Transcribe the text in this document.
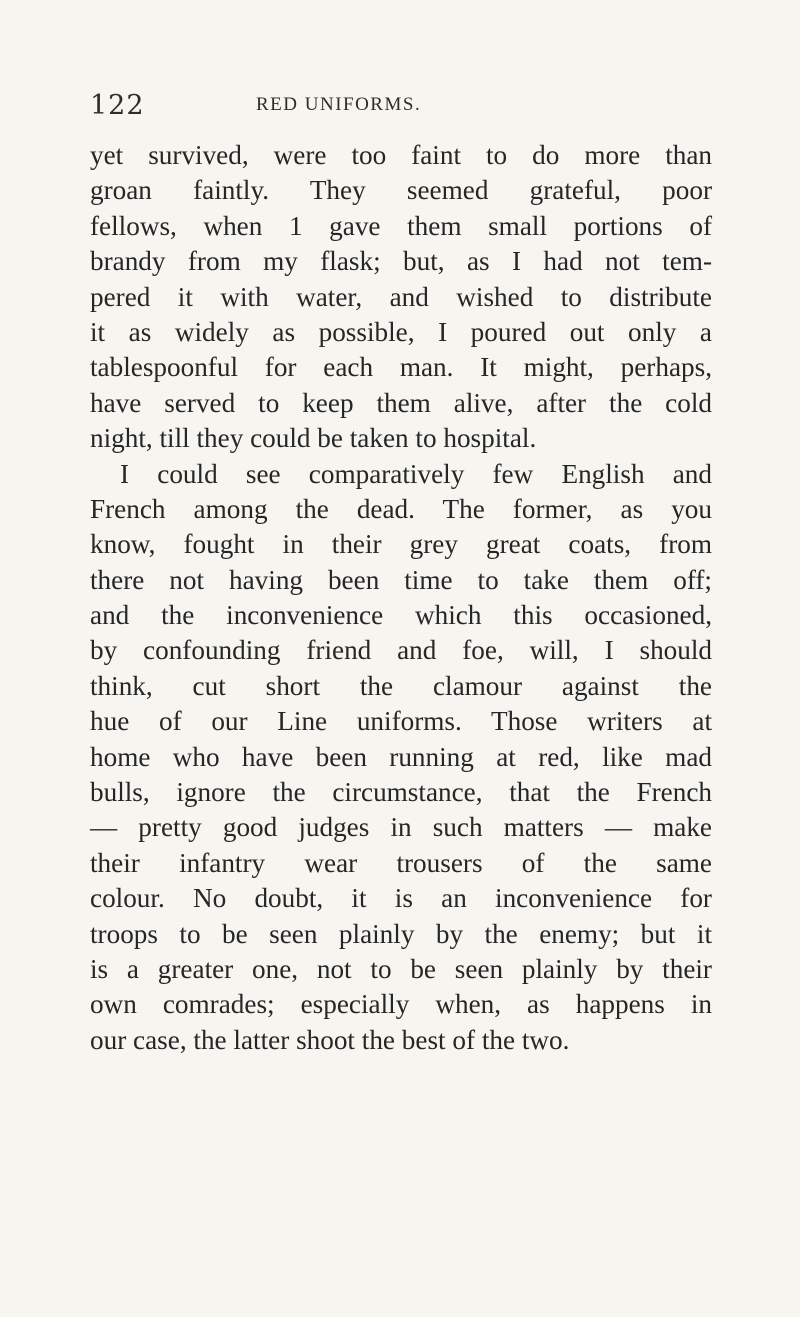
122	RED UNIFORMS.
yet survived, were too faint to do more than
groan faintly. They seemed grateful, poor
fellows, when 1 gave them small portions of
brandy from my flask; but, as I had not tem-
pered it with water, and wished to distribute
it as widely as possible, I poured out only a
tablespoonful for each man. It might, perhaps,
have served to keep them alive, after the cold
night, till they could be taken to hospital.
I could see comparatively few English and
French among the dead. The former, as you
know, fought in their grey great coats, from
there not having been time to take them off;
and the inconvenience which this occasioned,
by confounding friend and foe, will, I should
think, cut short the clamour against the
hue of our Line uniforms. Those writers at
home who have been running at red, like mad
bulls, ignore the circumstance, that the French
— pretty good judges in such matters — make
their infantry wear trousers of the same
colour. No doubt, it is an inconvenience for
troops to be seen plainly by the enemy; but it
is a greater one, not to be seen plainly by their
own comrades; especially when, as happens in
our case, the latter shoot the best of the two.
